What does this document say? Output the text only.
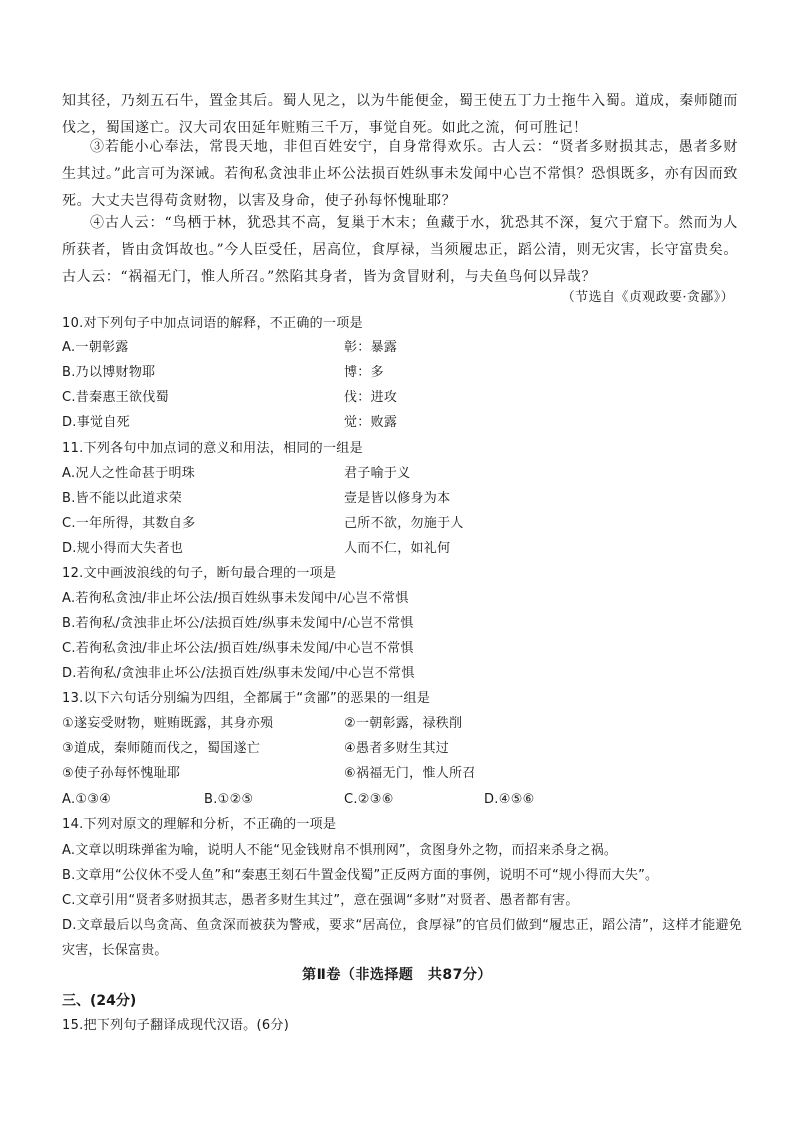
知其径，乃刻五石牛，置金其后。蜀人见之，以为牛能便金，蜀王使五丁力士拖牛入蜀。道成，秦师随而伐之，蜀国遂亡。汉大司农田延年赃贿三千万，事觉自死。如此之流，何可胜记！
③若能小心奉法，常畏天地，非但百姓安宁，自身常得欢乐。古人云：“贤者多财损其志，愚者多财生其过。”此言可为深诫。若徇私贪浊非止坏公法损百姓纵事未发闻中心岂不常惧？恐惧既多，亦有因而致死。大丈夫岂得苟贪财物，以害及身命，使子孙每怀愧耻耶？
④古人云：“鸟栖于林，犹恐其不高，复巢于木末；鱼藏于水，犹恐其不深，复穴于窟下。然而为人所获者，皆由贪饵故也。”今人臣受任，居高位，食厚禄，当须履忠正，蹈公清，则无灾害，长守富贵矣。古人云：“祸福无门，惟人所召。”然陷其身者，皆为贪冒财利，与夫鱼鸟何以异哉？
（节选自《贞观政要·贪鄙》）
10.对下列句子中加点词语的解释，不正确的一项是
A.一朝彰露	彰：暴露
B.乃以博财物耶	博：多
C.昔秦惠王欲伐蜀	伐：进攻
D.事觉自死	觉：败露
11.下列各句中加点词的意义和用法，相同的一组是
A.况人之性命甚于明珠	君子喻于义
B.皆不能以此道求荣	壹是皆以修身为本
C.一年所得，其数自多	己所不欲，勿施于人
D.规小得而大失者也	人而不仁，如礼何
12.文中画波浪线的句子，断句最合理的一项是
A.若徇私贪浊/非止坏公法/损百姓纵事未发闻中/心岂不常惧
B.若徇私/贪浊非止坏公/法损百姓/纵事未发闻中/心岂不常惧
C.若徇私贪浊/非止坏公法/损百姓/纵事未发闻/中心岂不常惧
D.若徇私/贪浊非止坏公/法损百姓/纵事未发闻/中心岂不常惧
13.以下六句话分别编为四组，全都属于“贪鄙”的恶果的一组是
①遂妄受财物，赃贿既露，其身亦殒	②一朝彰露，禄秩削
③道成，秦师随而伐之，蜀国遂亡	④愚者多财生其过
⑤使子孙每怀愧耻耶	⑥祸福无门，惟人所召
A.①③④	B.①②⑤	C.②③⑥	D.④⑤⑥
14.下列对原文的理解和分析，不正确的一项是
A.文章以明珠弹雀为喻，说明人不能“见金钱财帛不惧刑网”，贪图身外之物，而招来杀身之祸。
B.文章用“公仪休不受人鱼”和“秦惠王刻石牛置金伐蜀”正反两方面的事例，说明不可“规小得而大失”。
C.文章引用“贤者多财损其志，愚者多财生其过”，意在强调“多财”对贤者、愚者都有害。
D.文章最后以鸟贪高、鱼贪深而被获为警戒，要求“居高位，食厚禄”的官员们做到“履忠正，蹈公清”，这样才能避免灾害，长保富贵。
第Ⅱ卷（非选择题　共87分）
三、(24分)
15.把下列句子翻译成现代汉语。(6分)
